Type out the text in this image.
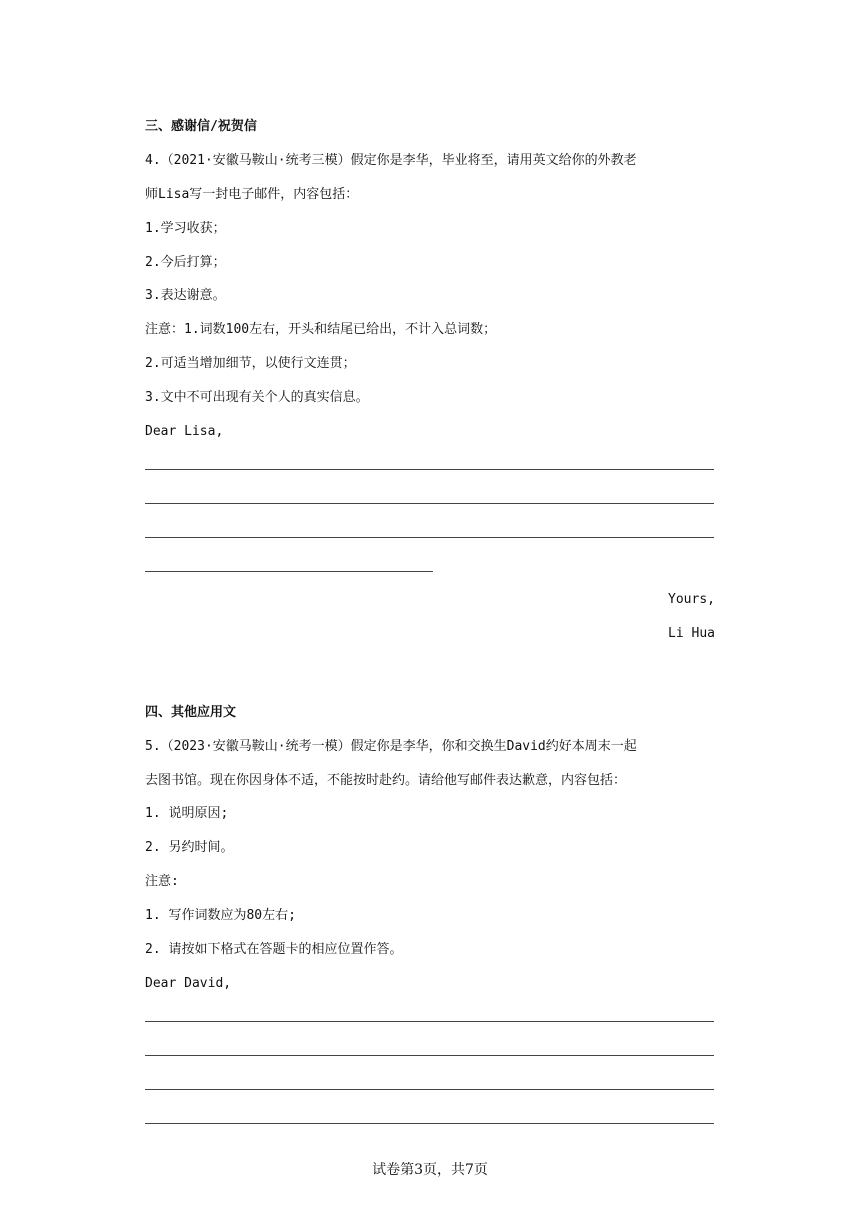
三、感谢信/祝贺信
4.（2021·安徽马鞍山·统考三模）假定你是李华，毕业将至，请用英文给你的外教老
师Lisa写一封电子邮件，内容包括：
1.学习收获；
2.今后打算；
3.表达谢意。
注意：1.词数100左右，开头和结尾已给出，不计入总词数；
2.可适当增加细节，以使行文连贯；
3.文中不可出现有关个人的真实信息。
Dear Lisa,
Yours,
Li Hua
四、其他应用文
5.（2023·安徽马鞍山·统考一模）假定你是李华，你和交换生David约好本周末一起
去图书馆。现在你因身体不适，不能按时赴约。请给他写邮件表达歉意，内容包括：
1. 说明原因;
2. 另约时间。
注意:
1. 写作词数应为80左右;
2. 请按如下格式在答题卡的相应位置作答。
Dear David,
试卷第3页，共7页
